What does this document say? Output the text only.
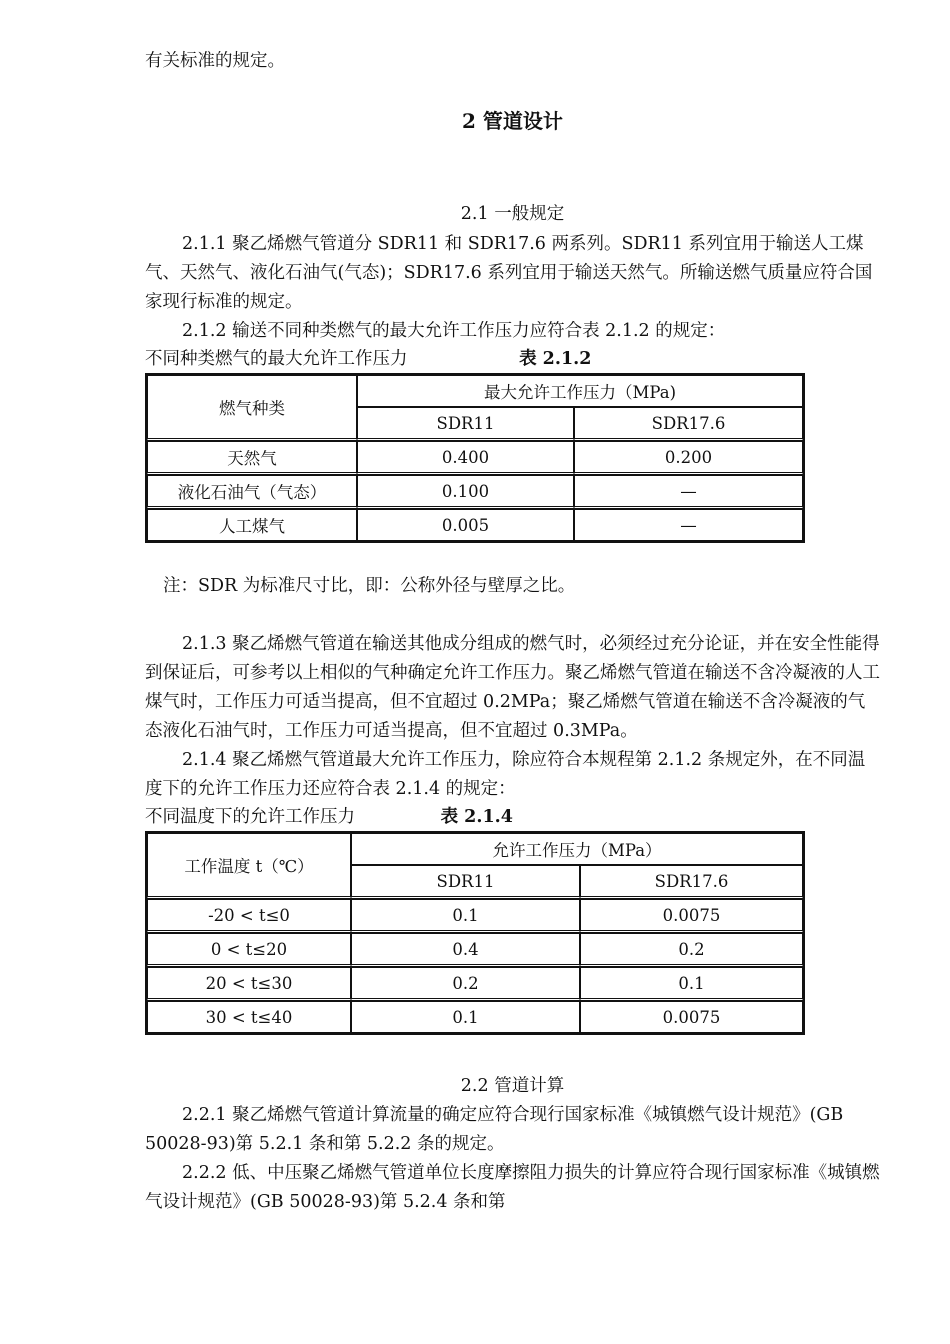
有关标准的规定。
2 管道设计
2.1 一般规定

2.1.1 聚乙烯燃气管道分 SDR11 和 SDR17.6 两系列。SDR11 系列宜用于输送人工煤气、天然气、液化石油气(气态)；SDR17.6 系列宜用于输送天然气。所输送燃气质量应符合国家现行标准的规定。

2.1.2 输送不同种类燃气的最大允许工作压力应符合表 2.1.2 的规定：

不同种类燃气的最大允许工作压力	表 2.1.2
燃气种类	最大允许工作压力（MPa)	
	SDR11	SDR17.6
天然气	0.400	0.200
液化石油气（气态）	0.100	—
人工煤气	0.005	—
注：SDR 为标准尺寸比，即：公称外径与壁厚之比。

2.1.3 聚乙烯燃气管道在输送其他成分组成的燃气时，必须经过充分论证，并在安全性能得到保证后，可参考以上相似的气种确定允许工作压力。聚乙烯燃气管道在输送不含冷凝液的人工煤气时，工作压力可适当提高，但不宜超过 0.2MPa；聚乙烯燃气管道在输送不含冷凝液的气态液化石油气时，工作压力可适当提高，但不宜超过 0.3MPa。

2.1.4 聚乙烯燃气管道最大允许工作压力，除应符合本规程第 2.1.2 条规定外，在不同温度下的允许工作压力还应符合表 2.1.4 的规定：

不同温度下的允许工作压力	表 2.1.4
工作温度 t（℃）	允许工作压力（MPa）	
	SDR11	SDR17.6
-20 < t≤0	0.1	0.0075
0 < t≤20	0.4	0.2
20 < t≤30	0.2	0.1
30 < t≤40	0.1	0.0075
2.2 管道计算

2.2.1 聚乙烯燃气管道计算流量的确定应符合现行国家标准《城镇燃气设计规范》(GB 50028-93)第 5.2.1 条和第 5.2.2 条的规定。

2.2.2 低、中压聚乙烯燃气管道单位长度摩擦阻力损失的计算应符合现行国家标准《城镇燃气设计规范》(GB 50028-93)第 5.2.4 条和第
